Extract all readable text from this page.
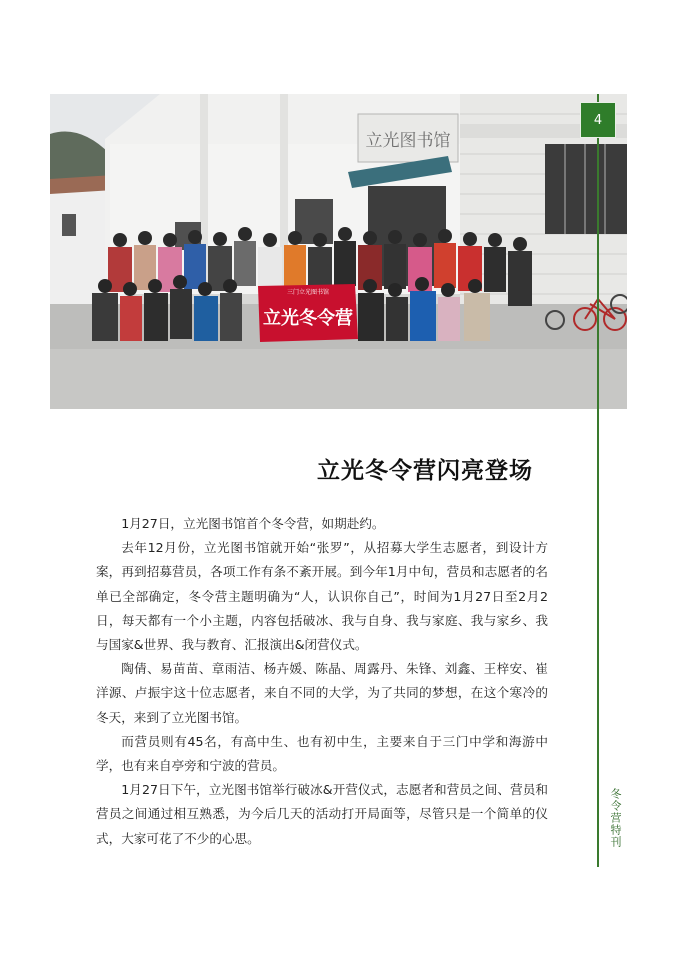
立光图书馆
三门立光图书馆
立光冬令营
4
冬令营特刊
立光冬令营闪亮登场

1月27日，立光图书馆首个冬令营，如期赴约。

去年12月份，立光图书馆就开始“张罗”，从招募大学生志愿者，到设计方案，再到招募营员，各项工作有条不紊开展。到今年1月中旬，营员和志愿者的名单已全部确定，冬令营主题明确为“人，认识你自己”，时间为1月27日至2月2日，每天都有一个小主题，内容包括破冰、我与自身、我与家庭、我与家乡、我与国家&世界、我与教育、汇报演出&闭营仪式。

陶倩、易苗苗、章雨洁、杨卉媛、陈晶、周露丹、朱锋、刘鑫、王梓安、崔洋源、卢振宇这十位志愿者，来自不同的大学，为了共同的梦想，在这个寒冷的冬天，来到了立光图书馆。

而营员则有45名，有高中生、也有初中生，主要来自于三门中学和海游中学，也有来自亭旁和宁波的营员。

1月27日下午，立光图书馆举行破冰&开营仪式，志愿者和营员之间、营员和营员之间通过相互熟悉，为今后几天的活动打开局面等，尽管只是一个简单的仪式，大家可花了不少的心思。
